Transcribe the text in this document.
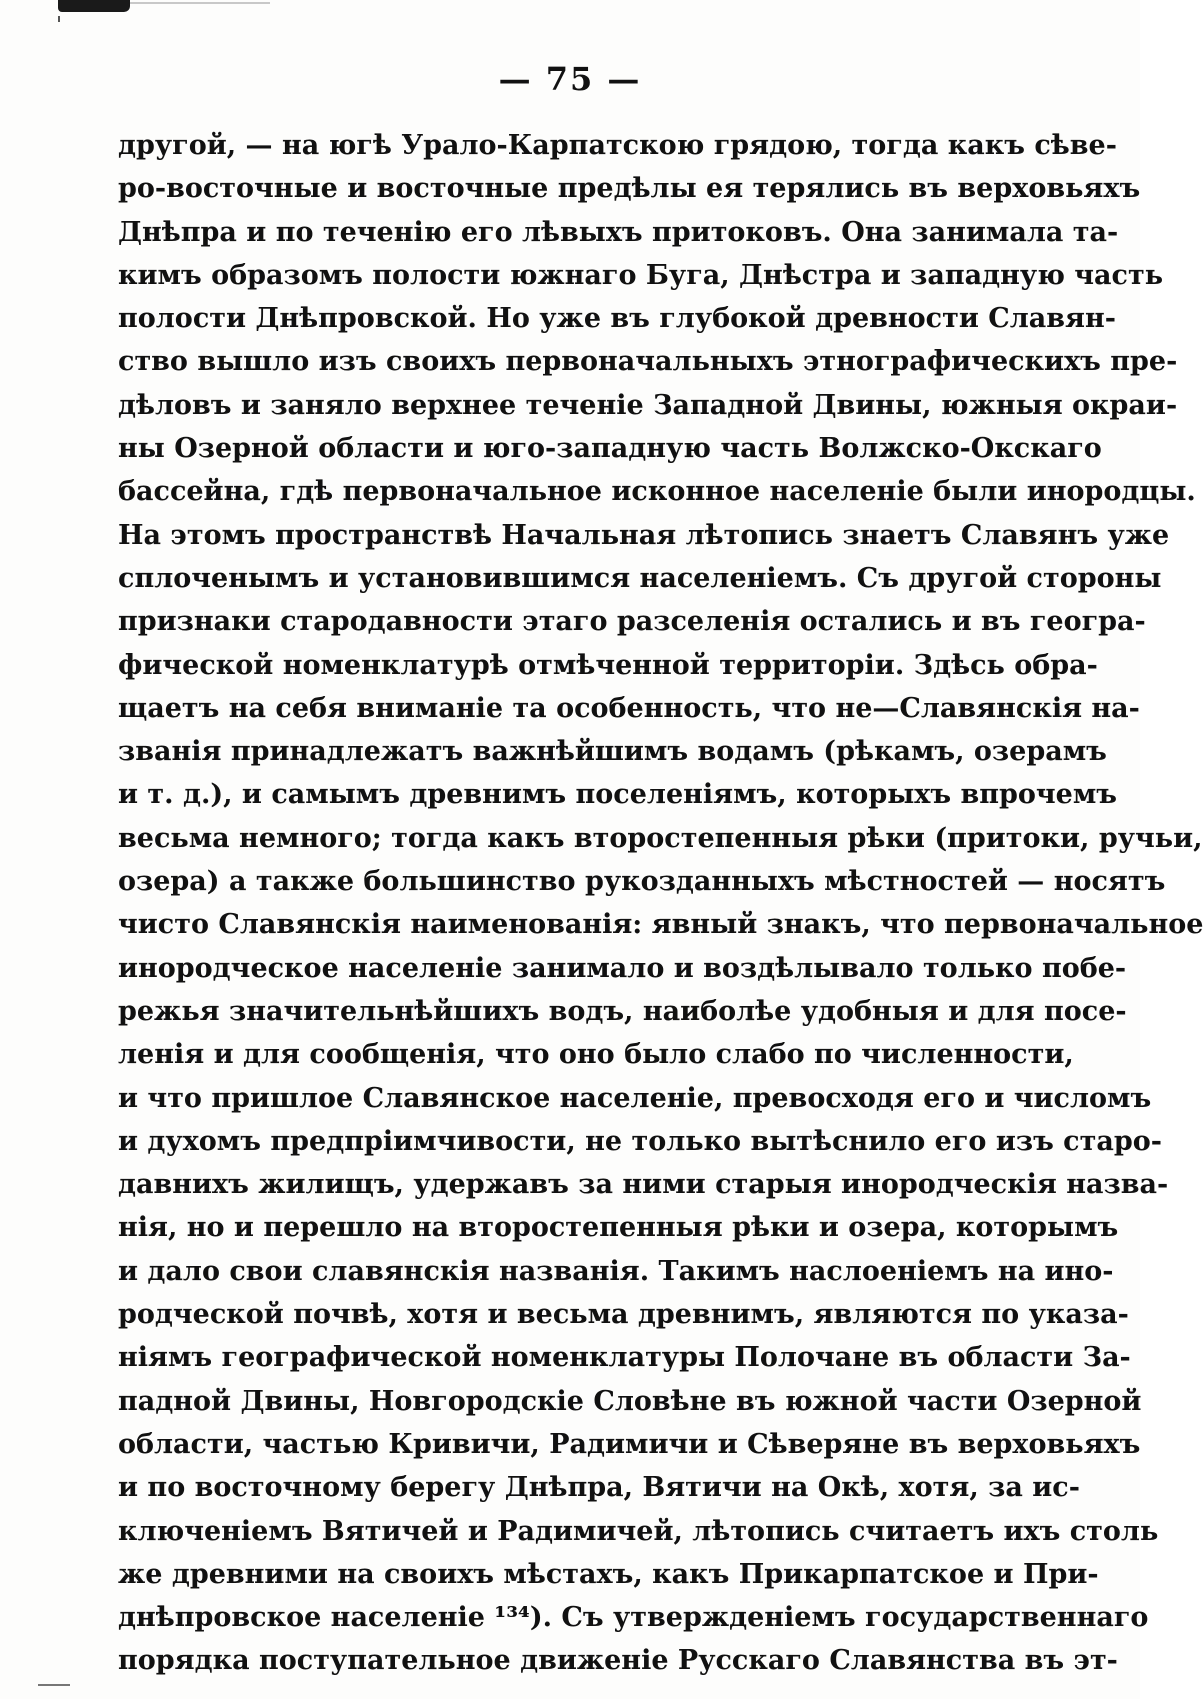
— 75 —
другой, — на югѣ Урало-Карпатскою грядою, тогда какъ сѣве-
ро-восточные и восточные предѣлы ея терялись въ верховьяхъ
Днѣпра и по теченію его лѣвыхъ притоковъ. Она занимала та-
кимъ образомъ полости южнаго Буга, Днѣстра и западную часть
полости Днѣпровской. Но уже въ глубокой древности Славян-
ство вышло изъ своихъ первоначальныхъ этнографическихъ пре-
дѣловъ и заняло верхнее теченіе Западной Двины, южныя окраи-
ны Озерной области и юго-западную часть Волжско-Окскаго
бассейна, гдѣ первоначальное исконное населеніе были инородцы.
На этомъ пространствѣ Начальная лѣтопись знаетъ Славянъ уже
сплоченымъ и установившимся населеніемъ. Съ другой стороны
признаки стародавности этаго разселенія остались и въ геогра-
фической номенклатурѣ отмѣченной территоріи. Здѣсь обра-
щаетъ на себя вниманіе та особенность, что не—Славянскія на-
званія принадлежатъ важнѣйшимъ водамъ (рѣкамъ, озерамъ
и т. д.), и самымъ древнимъ поселеніямъ, которыхъ впрочемъ
весьма немного; тогда какъ второстепенныя рѣки (притоки, ручьи,
озера) а также большинство рукозданныхъ мѣстностей — носятъ
чисто Славянскія наименованія: явный знакъ, что первоначальное
инородческое населеніе занимало и воздѣлывало только побе-
режья значительнѣйшихъ водъ, наиболѣе удобныя и для посе-
ленія и для сообщенія, что оно было слабо по численности,
и что пришлое Славянское населеніе, превосходя его и числомъ
и духомъ предпріимчивости, не только вытѣснило его изъ старо-
давнихъ жилищъ, удержавъ за ними старыя инородческія назва-
нія, но и перешло на второстепенныя рѣки и озера, которымъ
и дало свои славянскія названія. Такимъ наслоеніемъ на ино-
родческой почвѣ, хотя и весьма древнимъ, являются по указа-
ніямъ географической номенклатуры Полочане въ области За-
падной Двины, Новгородскіе Словѣне въ южной части Озерной
области, частью Кривичи, Радимичи и Сѣверяне въ верховьяхъ
и по восточному берегу Днѣпра, Вятичи на Окѣ, хотя, за ис-
ключеніемъ Вятичей и Радимичей, лѣтопись считаетъ ихъ столь
же древними на своихъ мѣстахъ, какъ Прикарпатское и При-
днѣпровское населеніе ¹³⁴). Съ утвержденіемъ государственнаго
порядка поступательное движеніе Русскаго Славянства въ эт-
